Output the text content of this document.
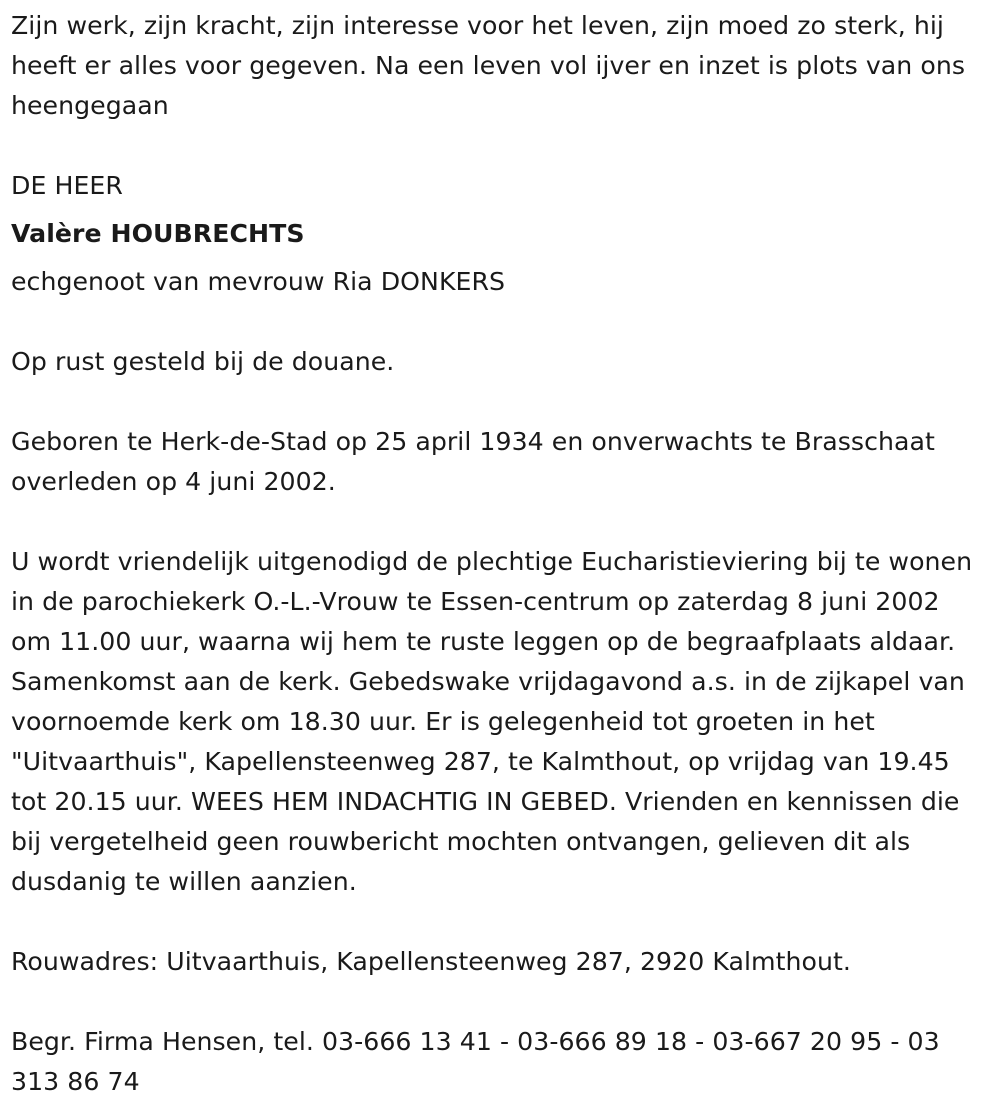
Zijn werk, zijn kracht, zijn interesse voor het leven, zijn moed zo sterk, hij heeft er alles voor gegeven. Na een leven vol ijver en inzet is plots van ons heengegaan

DE HEER

Valère HOUBRECHTS

echgenoot van mevrouw Ria DONKERS

Op rust gesteld bij de douane.

Geboren te Herk-de-Stad op 25 april 1934 en onverwachts te Brasschaat overleden op 4 juni 2002.

U wordt vriendelijk uitgenodigd de plechtige Eucharistieviering bij te wonen in de parochiekerk O.-L.-Vrouw te Essen-centrum op zaterdag 8 juni 2002 om 11.00 uur, waarna wij hem te ruste leggen op de begraafplaats aldaar. Samenkomst aan de kerk. Gebedswake vrijdagavond a.s. in de zijkapel van voornoemde kerk om 18.30 uur. Er is gelegenheid tot groeten in het "Uitvaarthuis", Kapellensteenweg 287, te Kalmthout, op vrijdag van 19.45 tot 20.15 uur. WEES HEM INDACHTIG IN GEBED. Vrienden en kennissen die bij vergetelheid geen rouwbericht mochten ontvangen, gelieven dit als dusdanig te willen aanzien.

Rouwadres: Uitvaarthuis, Kapellensteenweg 287, 2920 Kalmthout.

Begr. Firma Hensen, tel. 03-666 13 41 - 03-666 89 18 - 03-667 20 95 - 03 313 86 74
